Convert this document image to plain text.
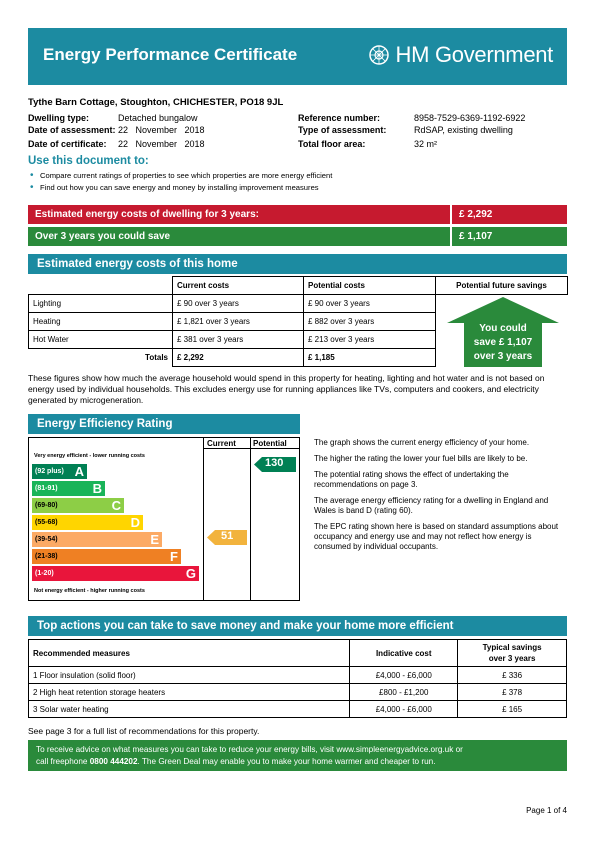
Energy Performance Certificate	HM Government
Tythe Barn Cottage, Stoughton, CHICHESTER, PO18 9JL
Dwelling type:	Detached bungalow
Date of assessment: 22   November   2018
Date of certificate:	22   November   2018
Reference number:	8958-7529-6369-1192-6922
Type of assessment:	RdSAP, existing dwelling
Total floor area:	32 m²
Use this document to:
• Compare current ratings of properties to see which properties are more energy efficient
• Find out how you can save energy and money by installing improvement measures
Estimated energy costs of dwelling for 3 years:	£ 2,292
Over 3 years you could save	£ 1,107
Estimated energy costs of this home
	Current costs	Potential costs	Potential future savings
Lighting	£ 90 over 3 years	£ 90 over 3 years	
Heating	£ 1,821 over 3 years	£ 882 over 3 years	
Hot Water	£ 381 over 3 years	£ 213 over 3 years	
Totals	£ 2,292	£ 1,185	
You could
save £ 1,107
over 3 years
These figures show how much the average household would spend in this property for heating, lighting and hot water and is not based on energy used by individual households. This excludes energy use for running appliances like TVs, computers and cookers, and electricity generated by microgeneration.
Energy Efficiency Rating
Current Potential
Very energy efficient - lower running costs
(92 plus) A
(81-91)	B
(69-80)	C
(55-68)	D
(39-54)	E
(21-38)	F
(1-20)	G
Not energy efficient - higher running costs
51
130

The graph shows the current energy efficiency of your home.

The higher the rating the lower your fuel bills are likely to be.

The potential rating shows the effect of undertaking the recommendations on page 3.

The average energy efficiency rating for a dwelling in England and Wales is band D (rating 60).

The EPC rating shown here is based on standard assumptions about occupancy and energy use and may not reflect how energy is consumed by individual occupants.

Top actions you can take to save money and make your home more efficient
Recommended measures	Indicative cost	Typical savings
over 3 years

1 Floor insulation (solid floor)	£4,000 - £6,000	£ 336
2 High heat retention storage heaters	£800 - £1,200	£ 378
3 Solar water heating	£4,000 - £6,000	£ 165
See page 3 for a full list of recommendations for this property.
To receive advice on what measures you can take to reduce your energy bills, visit www.simpleenergyadvice.org.uk or
call freephone 0800 444202. The Green Deal may enable you to make your home warmer and cheaper to run.
Page 1 of 4
